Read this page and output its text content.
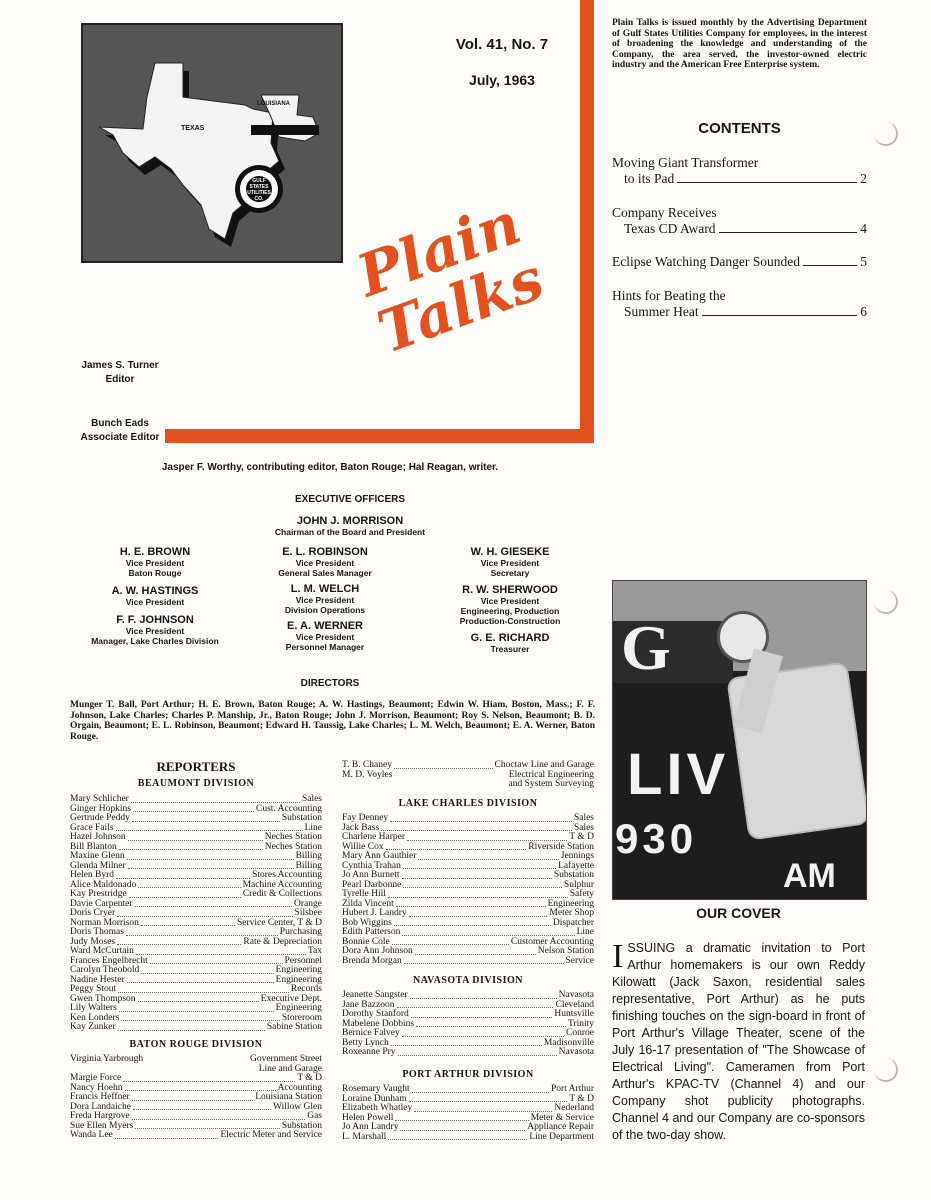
TEXAS
LOUISIANA
GULF STATES UTILITIES CO.
Vol. 41, No. 7
July, 1963
Plain Talks
James S. Turner
Editor
Bunch Eads
Associate Editor
Jasper F. Worthy, contributing editor, Baton Rouge; Hal Reagan, writer.
Plain Talks is issued monthly by the Advertising Department of Gulf States Utilities Company for employees, in the interest of broadening the knowledge and understanding of the Company, the area served, the investor-owned electric industry and the American Free Enterprise system.
CONTENTS
Moving Giant Transformer
to its Pad	2
Company Receives
Texas CD Award	4
Eclipse Watching Danger Sounded	5
Hints for Beating the
Summer Heat	6
EXECUTIVE OFFICERS
JOHN J. MORRISON
Chairman of the Board and President
H. E. BROWN
Vice President
Baton Rouge
A. W. HASTINGS
Vice President
F. F. JOHNSON
Vice President
Manager, Lake Charles Division
E. L. ROBINSON
Vice President
General Sales Manager
L. M. WELCH
Vice President
Division Operations
E. A. WERNER
Vice President
Personnel Manager
W. H. GIESEKE
Vice President
Secretary
R. W. SHERWOOD
Vice President
Engineering, Production
Production-Construction
G. E. RICHARD
Treasurer
DIRECTORS
Munger T. Ball, Port Arthur; H. E. Brown, Baton Rouge; A. W. Hastings, Beaumont; Edwin W. Hiam, Boston, Mass.; F. F. Johnson, Lake Charles; Charles P. Manship, Jr., Baton Rouge; John J. Morrison, Beaumont; Roy S. Nelson, Beaumont; B. D. Orgain, Beaumont; E. L. Robinson, Beaumont; Edward H. Taussig, Lake Charles; L. M. Welch, Beaumont; E. A. Werner, Baton Rouge.
REPORTERS
BEAUMONT DIVISION
Mary Schlicher	Sales
Ginger Hopkins	Cust. Accounting
Gertrude Peddy	Substation
Grace Fails	Line
Hazel Johnson	Neches Station
Bill Blanton	Neches Station
Maxine Glenn	Billing
Glenda Milner	Billing
Helen Byrd	Stores Accounting
Alice Maldonado	Machine Accounting
Kay Prestridge	Credit & Collections
Davie Carpenter	Orange
Doris Cryer	Silsbee
Norman Morrison	Service Center, T & D
Doris Thomas	Purchasing
Judy Moses	Rate & Depreciation
Ward McCurtain	Tax
Frances Engelbrecht	Personnel
Carolyn Theobold	Engineering
Nadine Hester	Engineering
Peggy Stout	Records
Gwen Thompson	Executive Dept.
Lily Walters	Engineering
Ken Londers	Storeroom
Kay Zunker	Sabine Station
BATON ROUGE DIVISION
Virginia Yarbrough	Government Street
Line and Garage
Margie Force	T & D
Nancy Hoehn	Accounting
Francis Heffner	Louisiana Station
Dora Landaiche	Willow Glen
Freda Hargrove	Gas
Sue Ellen Myers	Substation
Wanda Lee	Electric Meter and Service
T. B. Chaney	Choctaw Line and Garage
M. D. Voyles	Electrical Engineering
and System Surveying
LAKE CHARLES DIVISION
Fay Denney	Sales
Jack Bass	Sales
Charlene Harper	T & D
Willie Cox	Riverside Station
Mary Ann Gauthier	Jennings
Cynthia Trahan	Lafayette
Jo Ann Burnett	Substation
Pearl Darbonne	Sulphur
Tyrelle Hill	Safety
Zilda Vincent	Engineering
Hubert J. Landry	Meter Shop
Bob Wiggins	Dispatcher
Edith Patterson	Line
Bonnie Cole	Customer Accounting
Dora Ann Johnson	Nelson Station
Brenda Morgan	Service
NAVASOTA DIVISION
Jeanette Sangster	Navasota
Jane Bazzoon	Cleveland
Dorothy Stanford	Huntsville
Mabelene Dobbins	Trinity
Bernice Falvey	Conroe
Betty Lynch	Madisonville
Roxeanne Pry	Navasota
PORT ARTHUR DIVISION
Rosemary Vaught	Port Arthur
Loraine Dunham	T & D
Elizabeth Whatley	Nederland
Helen Powell	Meter & Service
Jo Ann Landry	Appliance Repair
L. Marshall	Line Department
G
LIV
930
AM
OUR COVER
ISSUING a dramatic invitation to Port Arthur homemakers is our own Reddy Kilowatt (Jack Saxon, residential sales representative, Port Arthur) as he puts finishing touches on the sign-board in front of Port Arthur's Village Theater, scene of the July 16-17 presentation of "The Showcase of Electrical Living". Cameramen from Port Arthur's KPAC-TV (Channel 4) and our Company shot publicity photographs. Channel 4 and our Company are co-sponsors of the two-day show.
